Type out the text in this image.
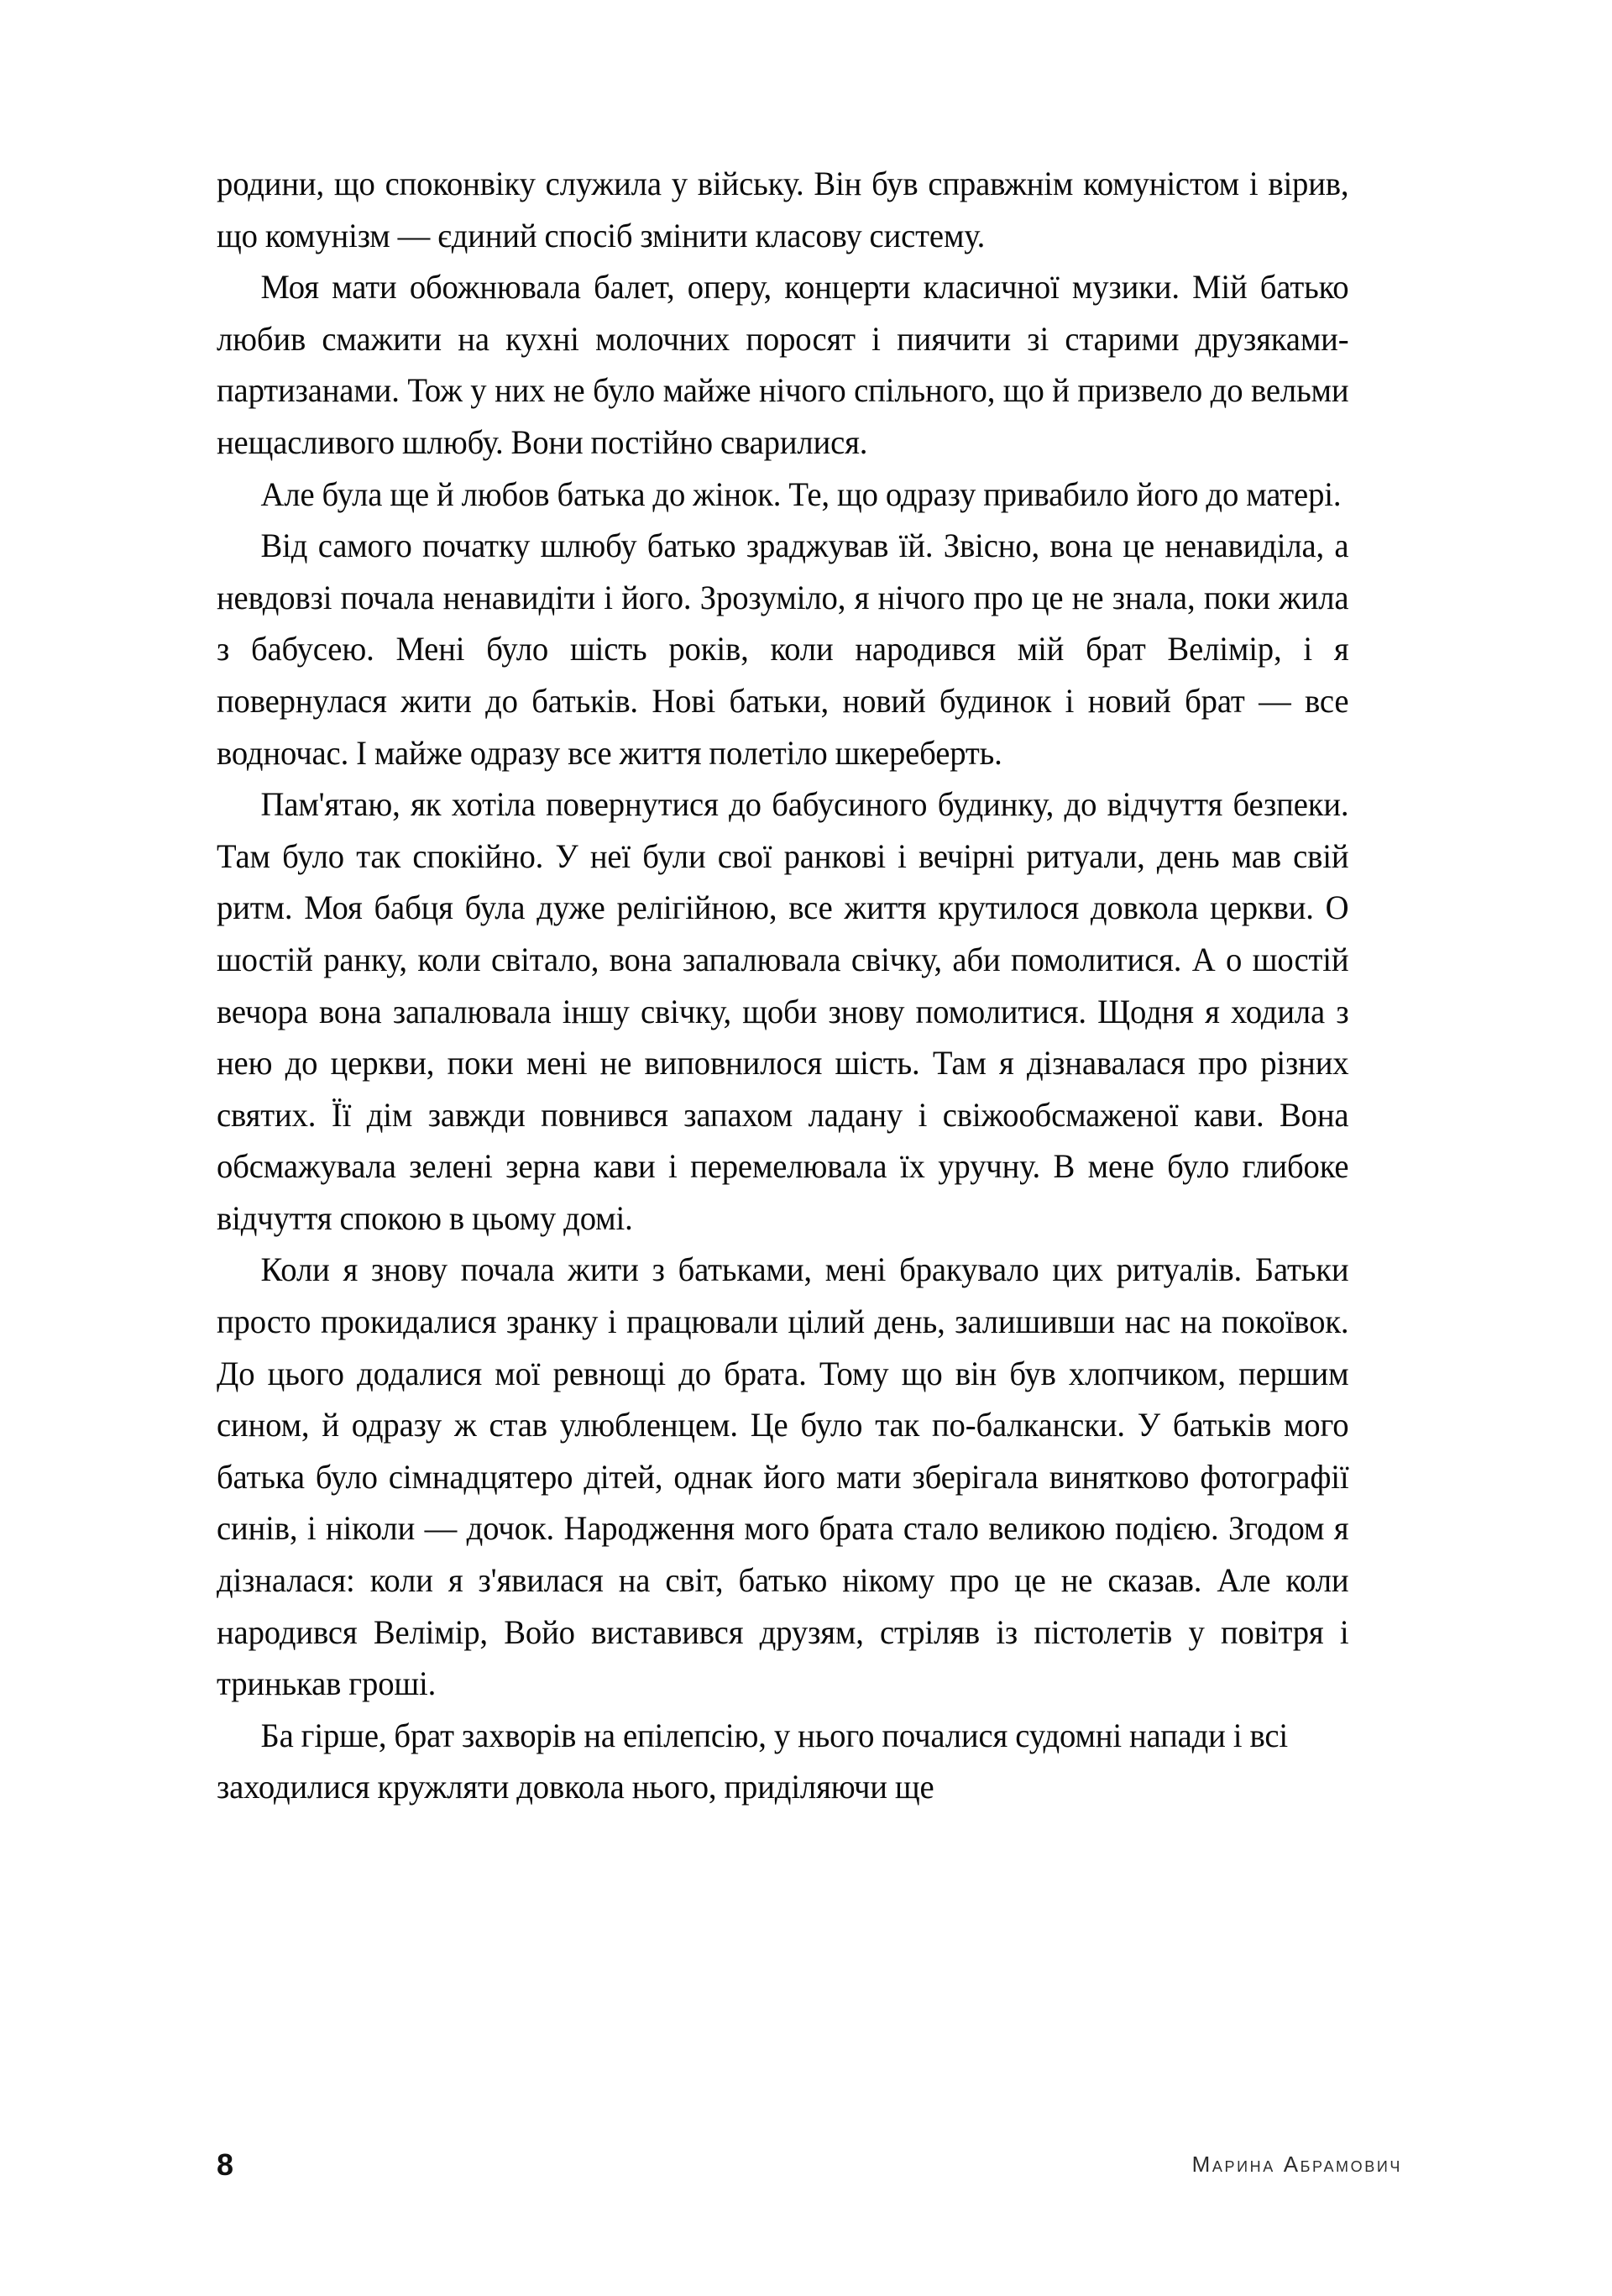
родини, що споконвіку служила у війську. Він був справжнім комуністом і вірив, що комунізм — єдиний спосіб змінити класову систему.

Моя мати обожнювала балет, оперу, концерти класичної музики. Мій батько любив смажити на кухні молочних поросят і пиячити зі старими друзяками-партизанами. Тож у них не було майже нічого спільного, що й призвело до вельми нещасливого шлюбу. Вони постійно сварилися.

Але була ще й любов батька до жінок. Те, що одразу привабило його до матері.

Від самого початку шлюбу батько зраджував їй. Звісно, вона це ненавиділа, а невдовзі почала ненавидіти і його. Зрозуміло, я нічого про це не знала, поки жила з бабусею. Мені було шість років, коли народився мій брат Велімір, і я повернулася жити до батьків. Нові батьки, новий будинок і новий брат — все водночас. І майже одразу все життя полетіло шкереберть.

Пам'ятаю, як хотіла повернутися до бабусиного будинку, до відчуття безпеки. Там було так спокійно. У неї були свої ранкові і вечірні ритуали, день мав свій ритм. Моя бабця була дуже релігійною, все життя крутилося довкола церкви. О шостій ранку, коли світало, вона запалювала свічку, аби помолитися. А о шостій вечора вона запалювала іншу свічку, щоби знову помолитися. Щодня я ходила з нею до церкви, поки мені не виповнилося шість. Там я дізнавалася про різних святих. Її дім завжди повнився запахом ладану і свіжообсмаженої кави. Вона обсмажувала зелені зерна кави і перемелювала їх уручну. В мене було глибоке відчуття спокою в цьому домі.

Коли я знову почала жити з батьками, мені бракувало цих ритуалів. Батьки просто прокидалися зранку і працювали цілий день, залишивши нас на покоївок. До цього додалися мої ревнощі до брата. Тому що він був хлопчиком, першим сином, й одразу ж став улюбленцем. Це було так по-балкански. У батьків мого батька було сімнадцятеро дітей, однак його мати зберігала винятково фотографії синів, і ніколи — дочок. Народження мого брата стало великою подією. Згодом я дізналася: коли я з'явилася на світ, батько нікому про це не сказав. Але коли народився Велімір, Войо виставився друзям, стріляв із пістолетів у повітря і тринькав гроші.

Ба гірше, брат захворів на епілепсію, у нього почалися судомні напади і всі заходилися кружляти довкола нього, приділяючи ще

8	Марина Абрамович
